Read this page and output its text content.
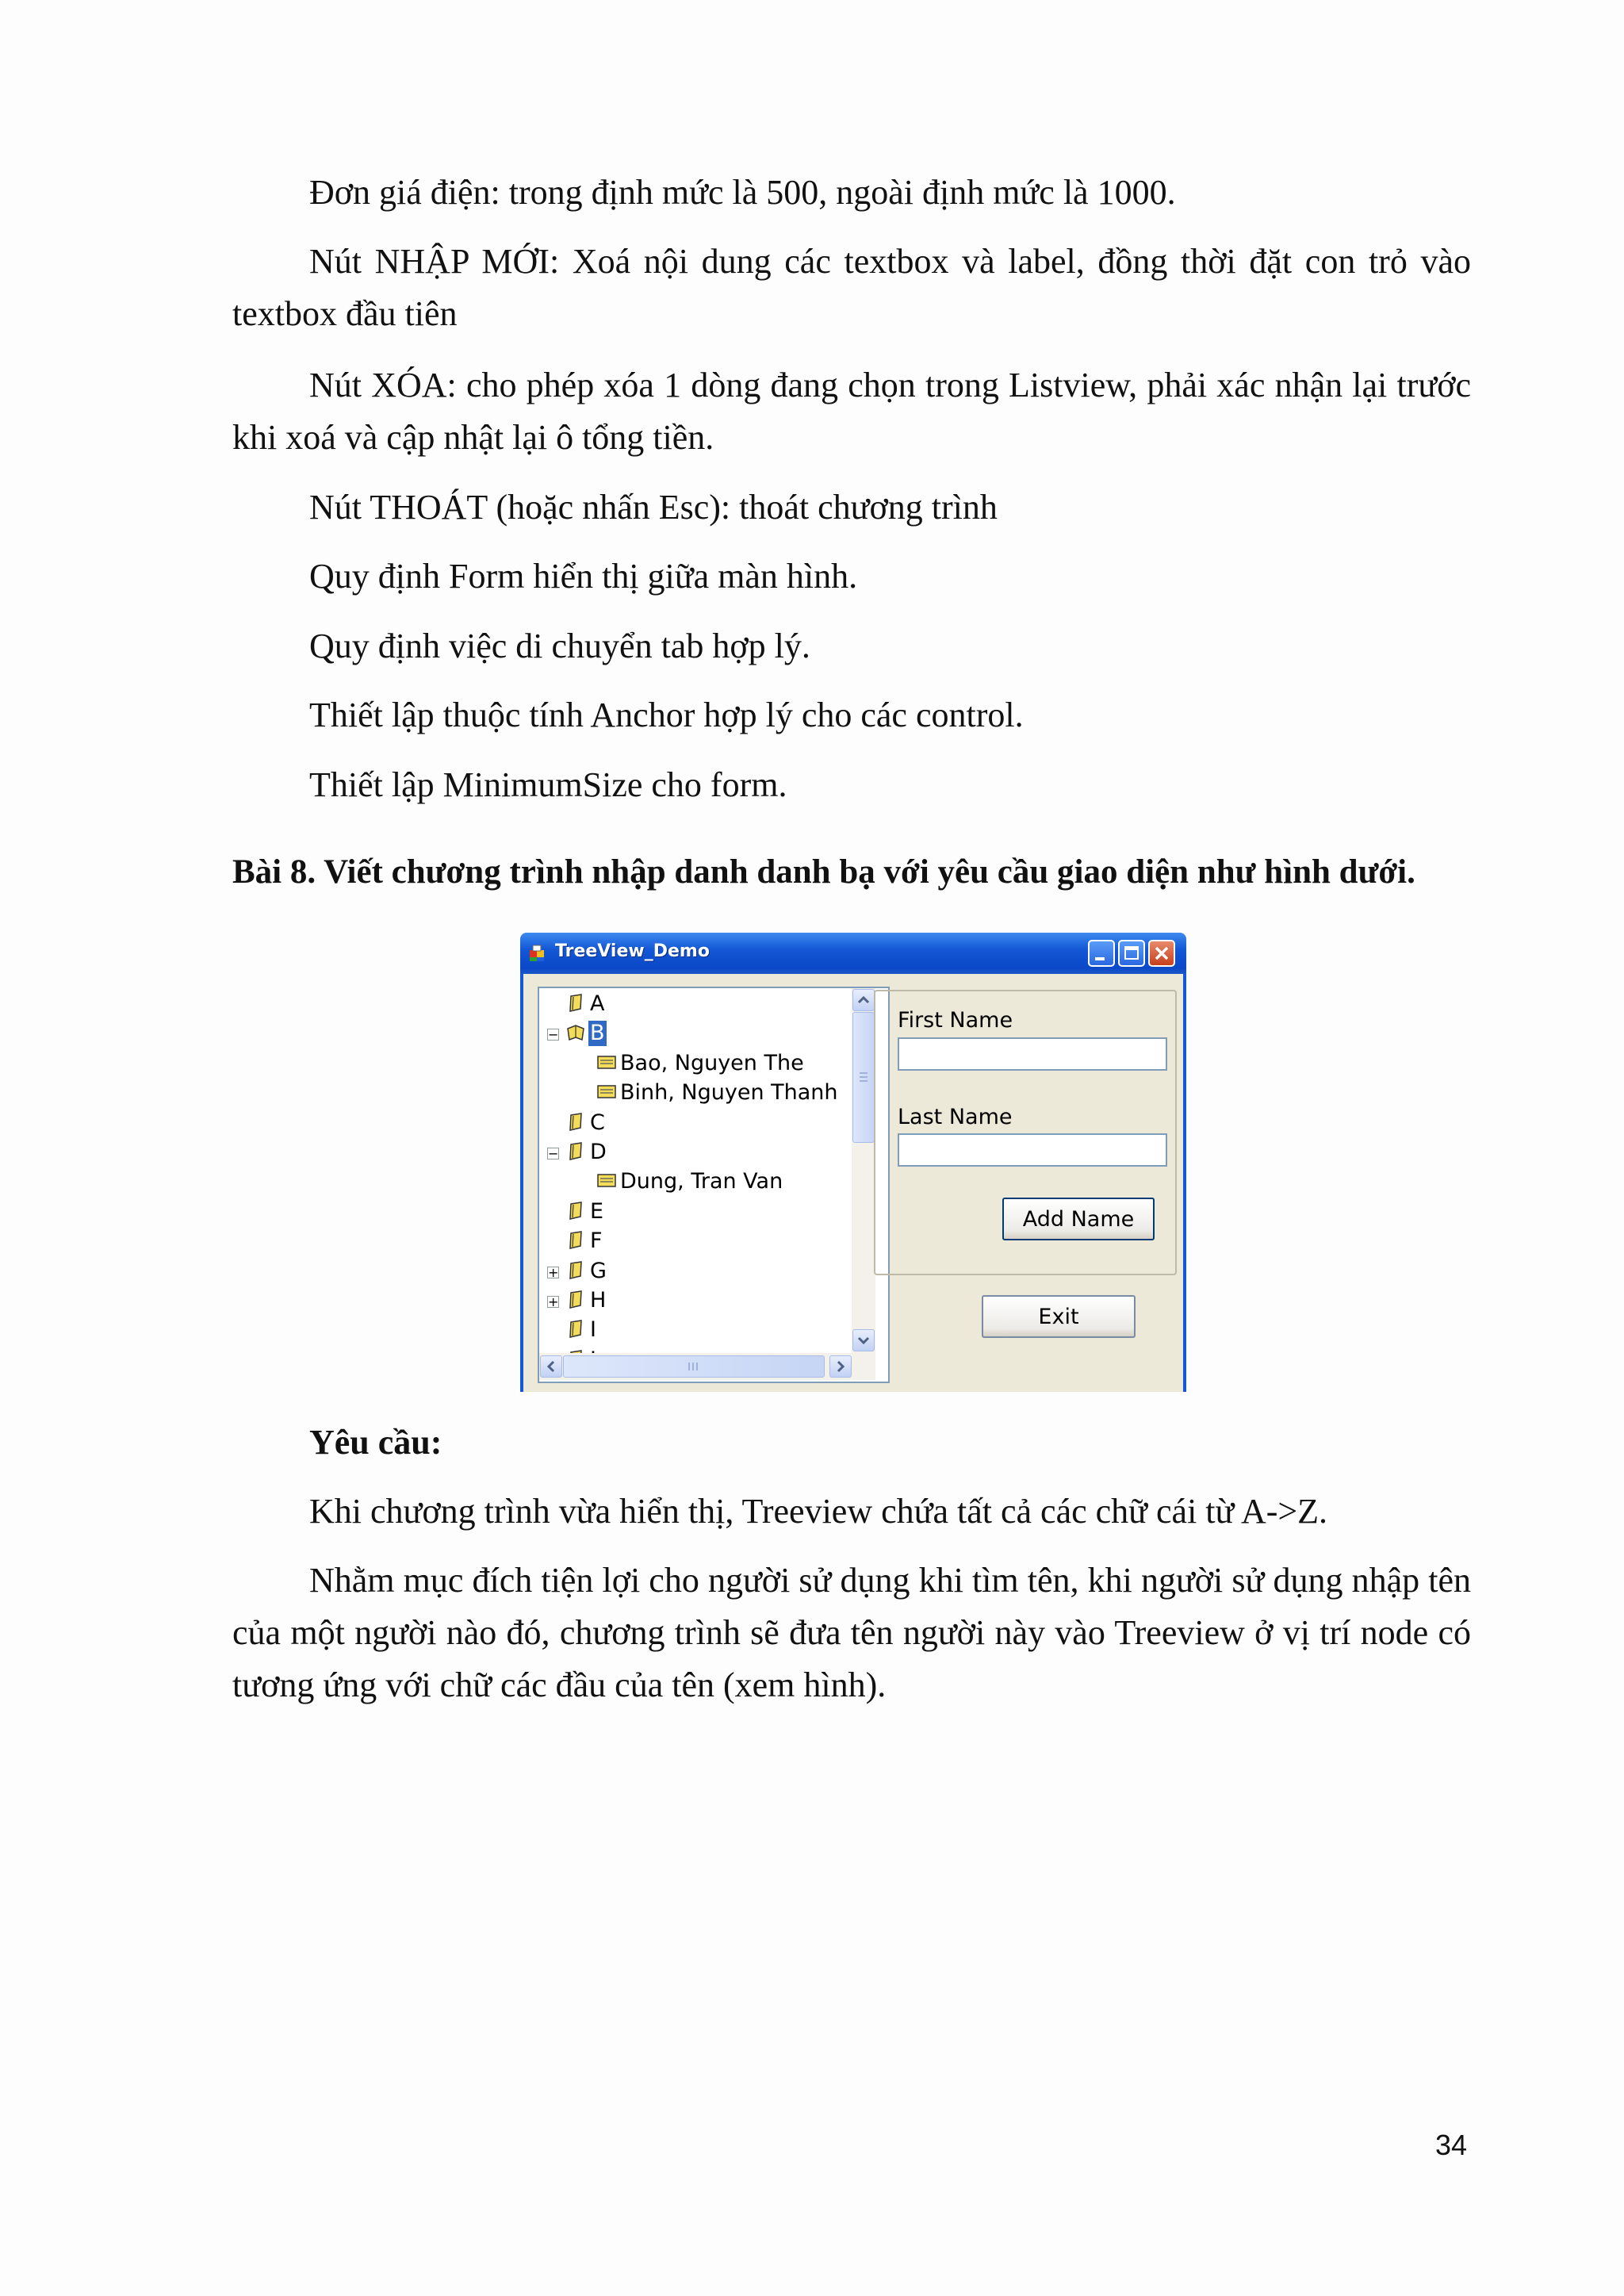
Đơn giá điện: trong định mức là 500, ngoài định mức là 1000.

Nút NHẬP MỚI: Xoá nội dung các textbox và label, đồng thời đặt con trỏ vào textbox đầu tiên

Nút XÓA: cho phép xóa 1 dòng đang chọn trong Listview, phải xác nhận lại trước khi xoá và cập nhật lại ô tổng tiền.

Nút THOÁT (hoặc nhấn Esc): thoát chương trình

Quy định Form hiển thị giữa màn hình.

Quy định việc di chuyển tab hợp lý.

Thiết lập thuộc tính Anchor hợp lý cho các control.

Thiết lập MinimumSize cho form.

Bài 8. Viết chương trình nhập danh danh bạ với yêu cầu giao diện như hình dưới.

TreeView_Demo
I
+ H
+ G
F
E
Dung, Tran Van
− D
C
Binh, Nguyen Thanh
Bao, Nguyen The
− B
A
First Name
Last Name
Add Name
Exit

Yêu cầu:

Khi chương trình vừa hiển thị, Treeview chứa tất cả các chữ cái từ A->Z.

Nhằm mục đích tiện lợi cho người sử dụng khi tìm tên, khi người sử dụng nhập tên của một người nào đó, chương trình sẽ đưa tên người này vào Treeview ở vị trí node có tương ứng với chữ các đầu của tên (xem hình).

34
